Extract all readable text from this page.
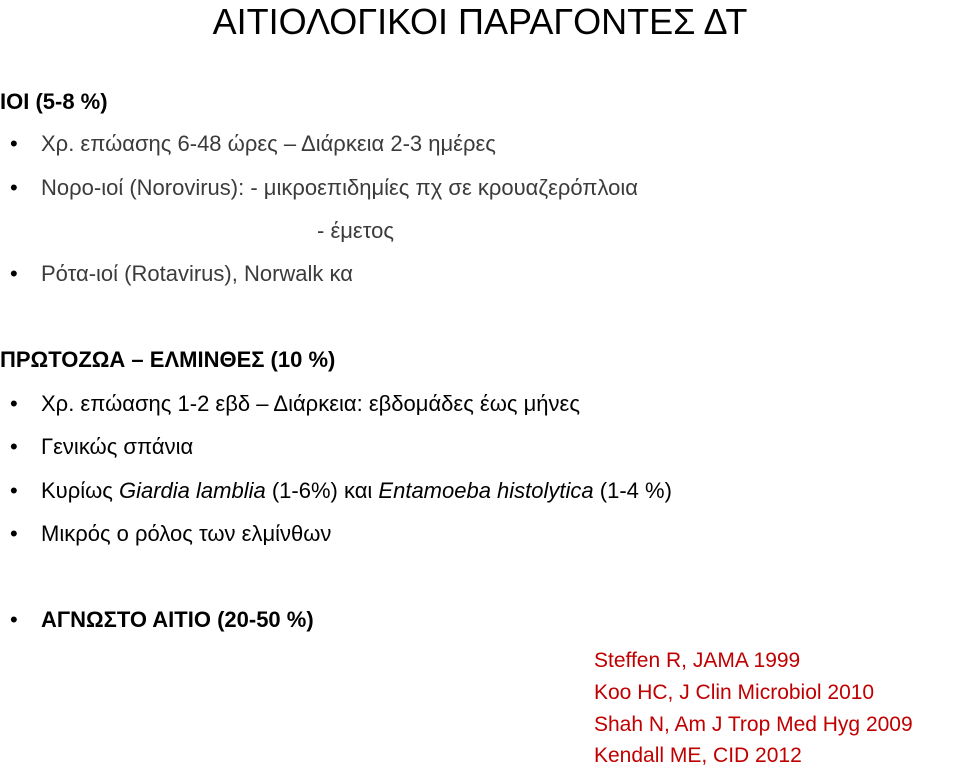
ΑΙΤΙΟΛΟΓΙΚΟΙ ΠΑΡΑΓΟΝΤΕΣ ΔΤ
ΙΟΙ (5-8 %)
• Χρ. επώασης 6-48 ώρες – Διάρκεια 2-3 ημέρες
• Νορο-ιοί (Norovirus): - μικροεπιδημίες πχ σε κρουαζερόπλοια
- έμετος
• Ρότα-ιοί (Rotavirus), Norwalk κα
ΠΡΩΤΟΖΩΑ – ΕΛΜΙΝΘΕΣ (10 %)
• Χρ. επώασης 1-2 εβδ – Διάρκεια: εβδομάδες έως μήνες
• Γενικώς σπάνια
• Κυρίως Giardia lamblia (1-6%) και Entamoeba histolytica (1-4 %)
• Μικρός ο ρόλος των ελμίνθων
• ΑΓΝΩΣΤΟ ΑΙΤΙΟ (20-50 %)
Steffen R, JAMA 1999
Koo HC, J Clin Microbiol 2010
Shah N, Am J Trop Med Hyg 2009
Kendall ME, CID 2012
